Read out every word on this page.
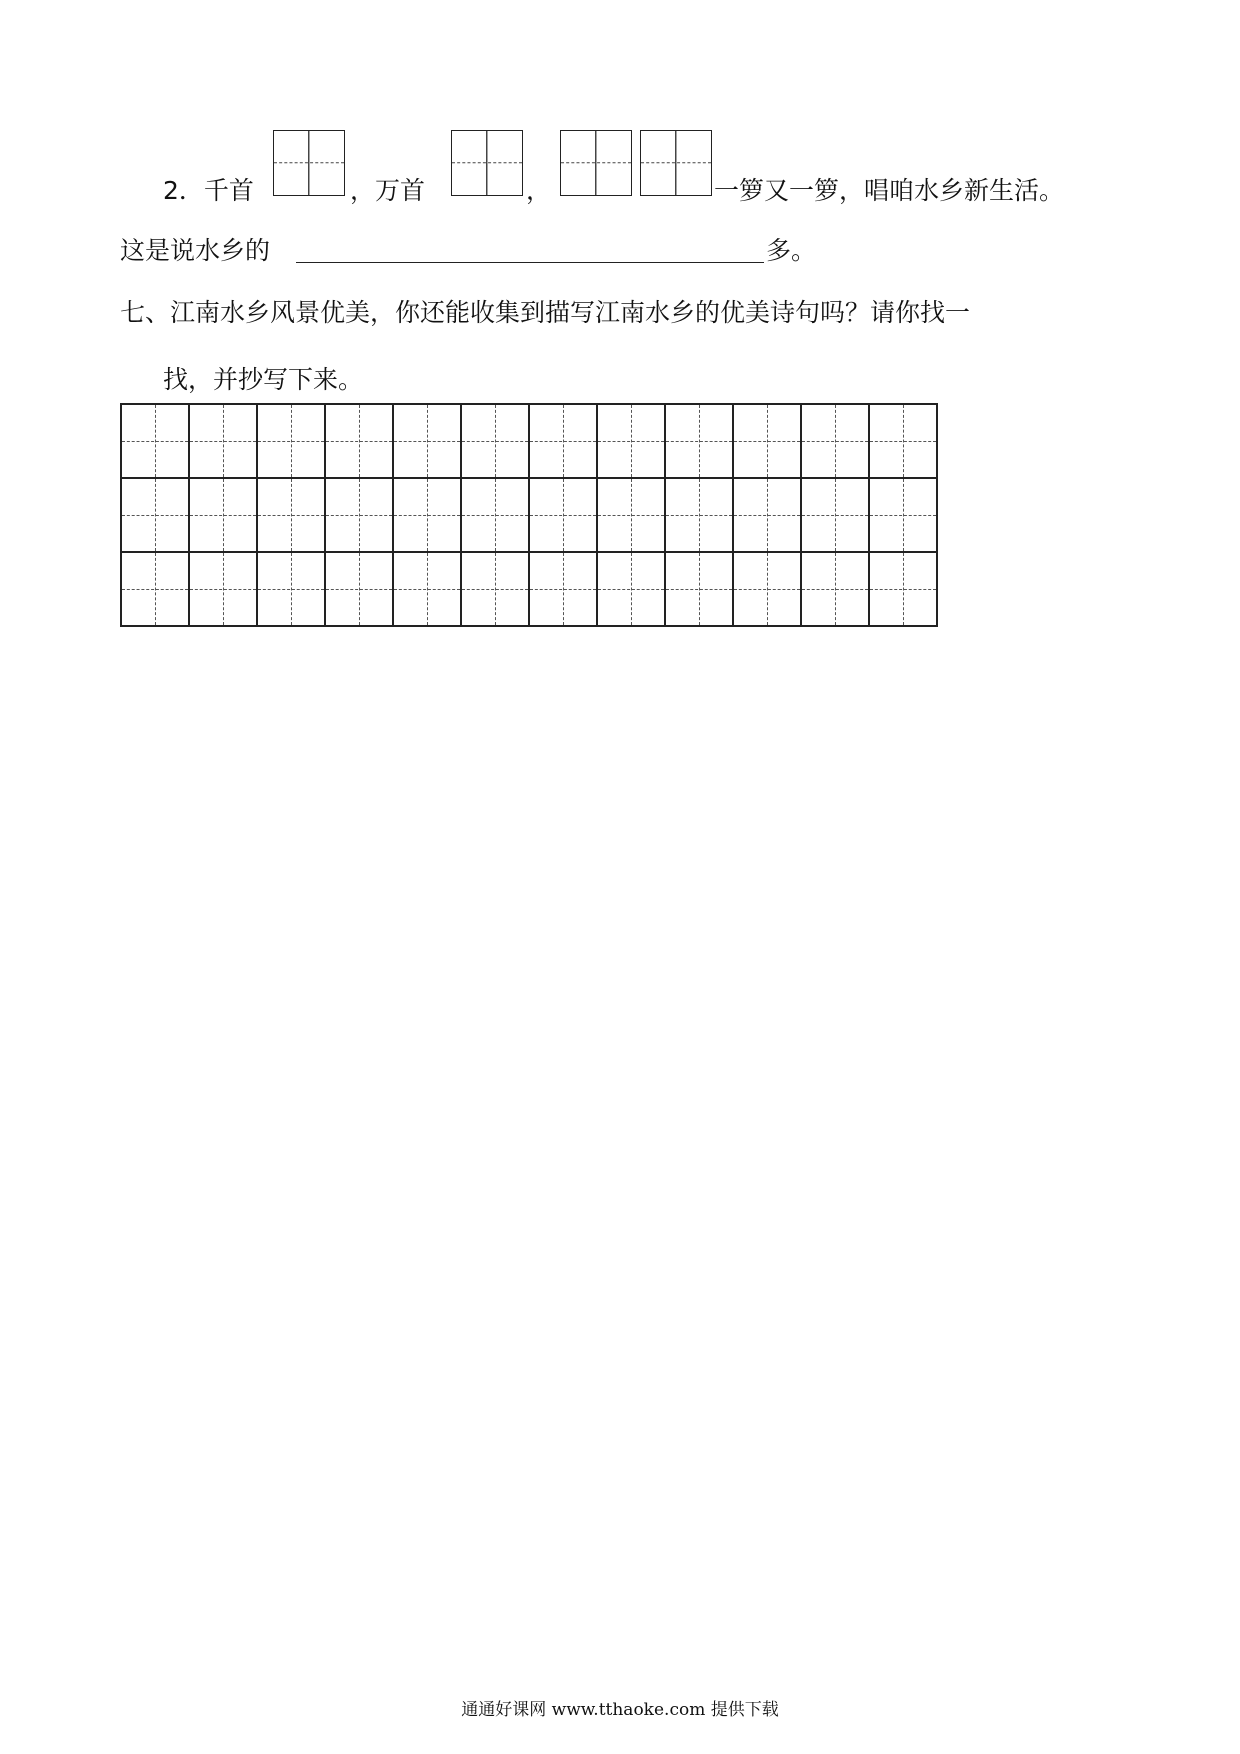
2．千首	，万首	，	一箩又一箩，唱咱水乡新生活。
这是说水乡的	多。
七、江南水乡风景优美，你还能收集到描写江南水乡的优美诗句吗？请你找一
找，并抄写下来。
通通好课网 www.tthaoke.com 提供下载
